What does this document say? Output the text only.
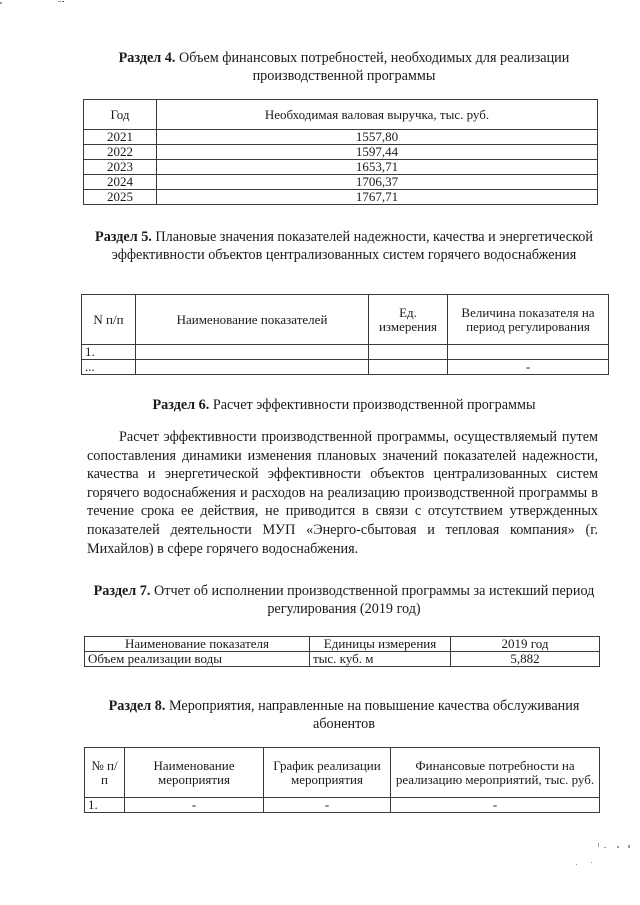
Раздел 4. Объем финансовых потребностей, необходимых для реализации производственной программы
Год	Необходимая валовая выручка, тыс. руб.
2021	1557,80
2022	1597,44
2023	1653,71
2024	1706,37
2025	1767,71
Раздел 5. Плановые значения показателей надежности, качества и энергетической эффективности объектов централизованных систем горячего водоснабжения
N п/п	Наименование показателей	Ед. измерения	Величина показателя на период регулирования
1.			
...			-
Раздел 6. Расчет эффективности производственной программы
Расчет эффективности производственной программы, осуществляемый путем сопоставления динамики изменения плановых значений показателей надежности, качества и энергетической эффективности объектов централизованных систем горячего водоснабжения и расходов на реализацию производственной программы в течение срока ее действия, не приводится в связи с отсутствием утвержденных показателей деятельности МУП «Энерго-сбытовая и тепловая компания» (г. Михайлов) в сфере горячего водоснабжения.
Раздел 7. Отчет об исполнении производственной программы за истекший период регулирования (2019 год)
Наименование показателя	Единицы измерения	2019 год
Объем реализации воды	тыс. куб. м	5,882
Раздел 8. Мероприятия, направленные на повышение качества обслуживания абонентов
№ п/п	Наименование мероприятия	График реализации мероприятия	Финансовые потребности на реализацию мероприятий, тыс. руб.
1.	-	-	-
